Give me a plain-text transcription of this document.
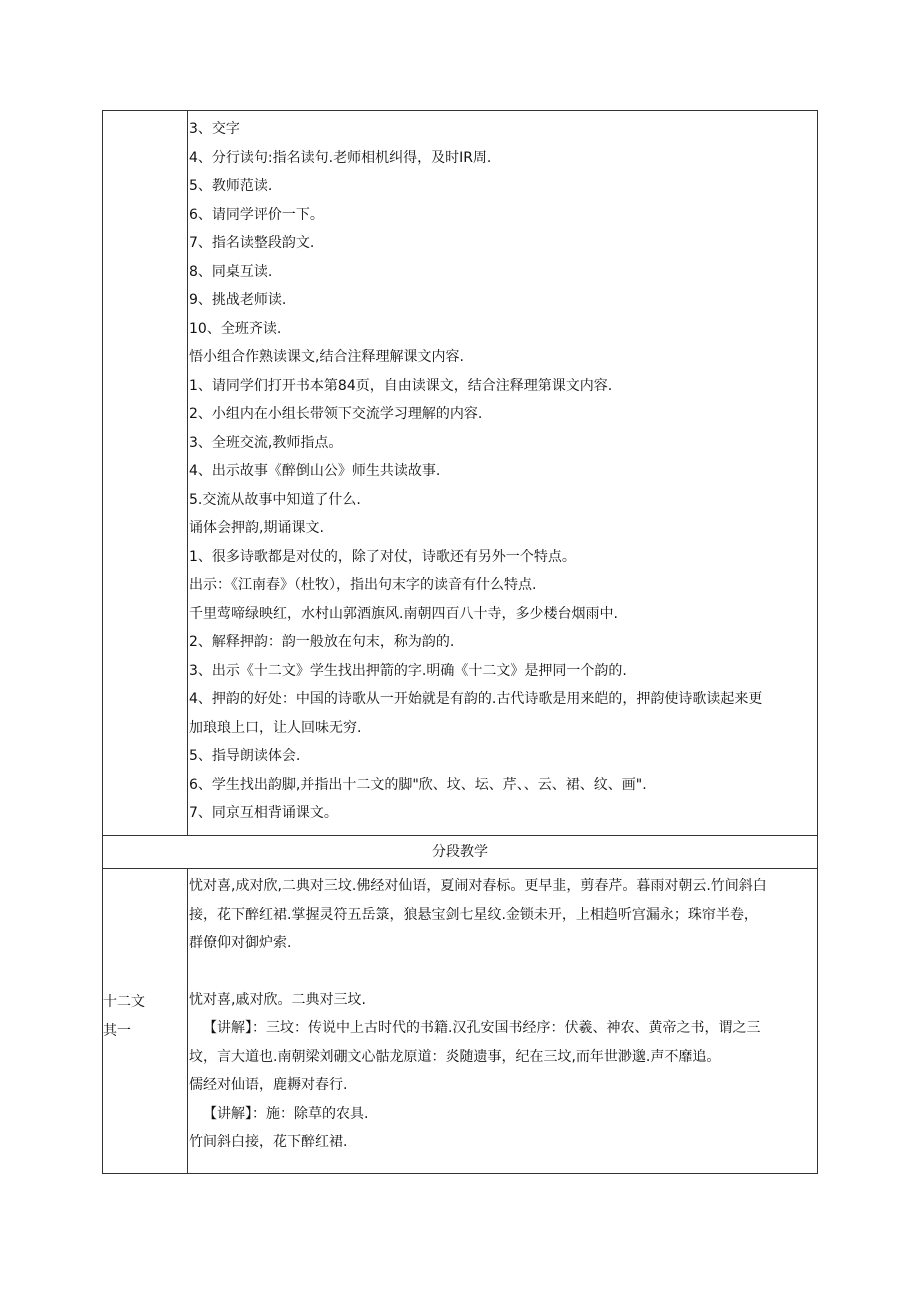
3、交字
4、分行读句:指名读句.老师相机纠得，及时IR周.
5、教师范读.
6、请同学评价一下。
7、指名读整段韵文.
8、同桌互读.
9、挑战老师读.
10、全班齐读.
悟小组合作熟读课文,结合注释理解课文内容.
1、请同学们打开书本第84页，自由读课文，结合注释理第课文内容.
2、小组内在小组长带领下交流学习理解的内容.
3、全班交流,教师指点。
4、出示故事《醉倒山公》师生共读故事.
5.交流从故事中知道了什么.
诵体会押韵,期诵课文.
1、很多诗歌都是对仗的，除了对仗，诗歌还有另外一个特点。
出示：《江南春》（杜牧），指出句末字的读音有什么特点.
千里莺啼绿映红，水村山郭酒旗风.南朝四百八十寺，多少楼台烟雨中.
2、解释押韵：韵一般放在句末，称为韵的.
3、出示《十二文》学生找出押箭的字.明确《十二文》是押同一个韵的.
4、押韵的好处：中国的诗歌从一开始就是有韵的.古代诗歌是用来皑的，押韵使诗歌读起来更
加琅琅上口，让人回味无穷.
5、指导朗读体会.
6、学生找出韵脚,并指出十二文的脚"欣、坟、坛、芹、、云、裙、纹、画".
7、同京互相背诵课文。
分段教学
十二文
其一
忧对喜,成对欣,二典对三坟.佛经对仙语，夏闹对春标。更早韭，剪春芹。暮雨对朝云.竹间斜白
接，花下醉红裙.掌握灵符五岳箓，狼悬宝剑七星纹.金锁未开，上相趋听宫漏永；珠帘半卷，
群僚仰对御炉索.
忧对喜,戚对欣。二典对三坟.
【讲解】：三坟：传说中上古时代的书籍.汉孔安国书经序：伏羲、神农、黄帝之书，谓之三
坟，言大道也.南朝梁刘硼文心骷龙原道：炎随遗事，纪在三坟,而年世渺邈.声不靡追。
儒经对仙语，鹿耨对春行.
【讲解】：施：除草的农具.
竹间斜白接，花下醉红裙.
